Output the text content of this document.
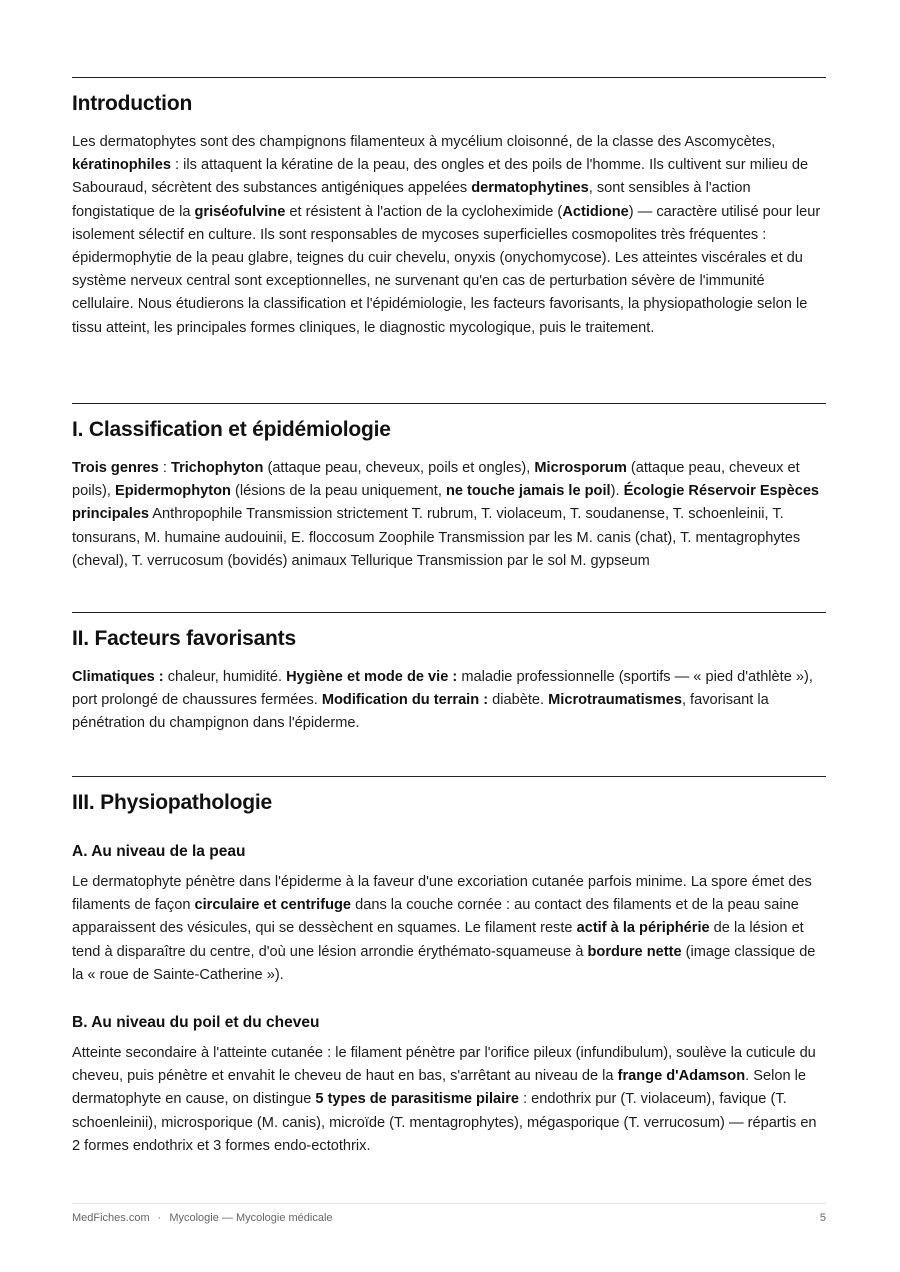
Introduction

Les dermatophytes sont des champignons filamenteux à mycélium cloisonné, de la classe des Ascomycètes, kératinophiles : ils attaquent la kératine de la peau, des ongles et des poils de l'homme. Ils cultivent sur milieu de Sabouraud, sécrètent des substances antigéniques appelées dermatophytines, sont sensibles à l'action fongistatique de la griséofulvine et résistent à l'action de la cycloheximide (Actidione) — caractère utilisé pour leur isolement sélectif en culture. Ils sont responsables de mycoses superficielles cosmopolites très fréquentes : épidermophytie de la peau glabre, teignes du cuir chevelu, onyxis (onychomycose). Les atteintes viscérales et du système nerveux central sont exceptionnelles, ne survenant qu'en cas de perturbation sévère de l'immunité cellulaire. Nous étudierons la classification et l'épidémiologie, les facteurs favorisants, la physiopathologie selon le tissu atteint, les principales formes cliniques, le diagnostic mycologique, puis le traitement.

I. Classification et épidémiologie

Trois genres : Trichophyton (attaque peau, cheveux, poils et ongles), Microsporum (attaque peau, cheveux et poils), Epidermophyton (lésions de la peau uniquement, ne touche jamais le poil). Écologie Réservoir Espèces principales Anthropophile Transmission strictement T. rubrum, T. violaceum, T. soudanense, T. schoenleinii, T. tonsurans, M. humaine audouinii, E. floccosum Zoophile Transmission par les M. canis (chat), T. mentagrophytes (cheval), T. verrucosum (bovidés) animaux Tellurique Transmission par le sol M. gypseum

II. Facteurs favorisants

Climatiques : chaleur, humidité. Hygiène et mode de vie : maladie professionnelle (sportifs — « pied d'athlète »), port prolongé de chaussures fermées. Modification du terrain : diabète. Microtraumatismes, favorisant la pénétration du champignon dans l'épiderme.

III. Physiopathologie
A. Au niveau de la peau

Le dermatophyte pénètre dans l'épiderme à la faveur d'une excoriation cutanée parfois minime. La spore émet des filaments de façon circulaire et centrifuge dans la couche cornée : au contact des filaments et de la peau saine apparaissent des vésicules, qui se dessèchent en squames. Le filament reste actif à la périphérie de la lésion et tend à disparaître du centre, d'où une lésion arrondie érythémato-squameuse à bordure nette (image classique de la « roue de Sainte-Catherine »).

B. Au niveau du poil et du cheveu

Atteinte secondaire à l'atteinte cutanée : le filament pénètre par l'orifice pileux (infundibulum), soulève la cuticule du cheveu, puis pénètre et envahit le cheveu de haut en bas, s'arrêtant au niveau de la frange d'Adamson. Selon le dermatophyte en cause, on distingue 5 types de parasitisme pilaire : endothrix pur (T. violaceum), favique (T. schoenleinii), microsporique (M. canis), microïde (T. mentagrophytes), mégasporique (T. verrucosum) — répartis en 2 formes endothrix et 3 formes endo-ectothrix.

MedFiches.com · Mycologie — Mycologie médicale	5
